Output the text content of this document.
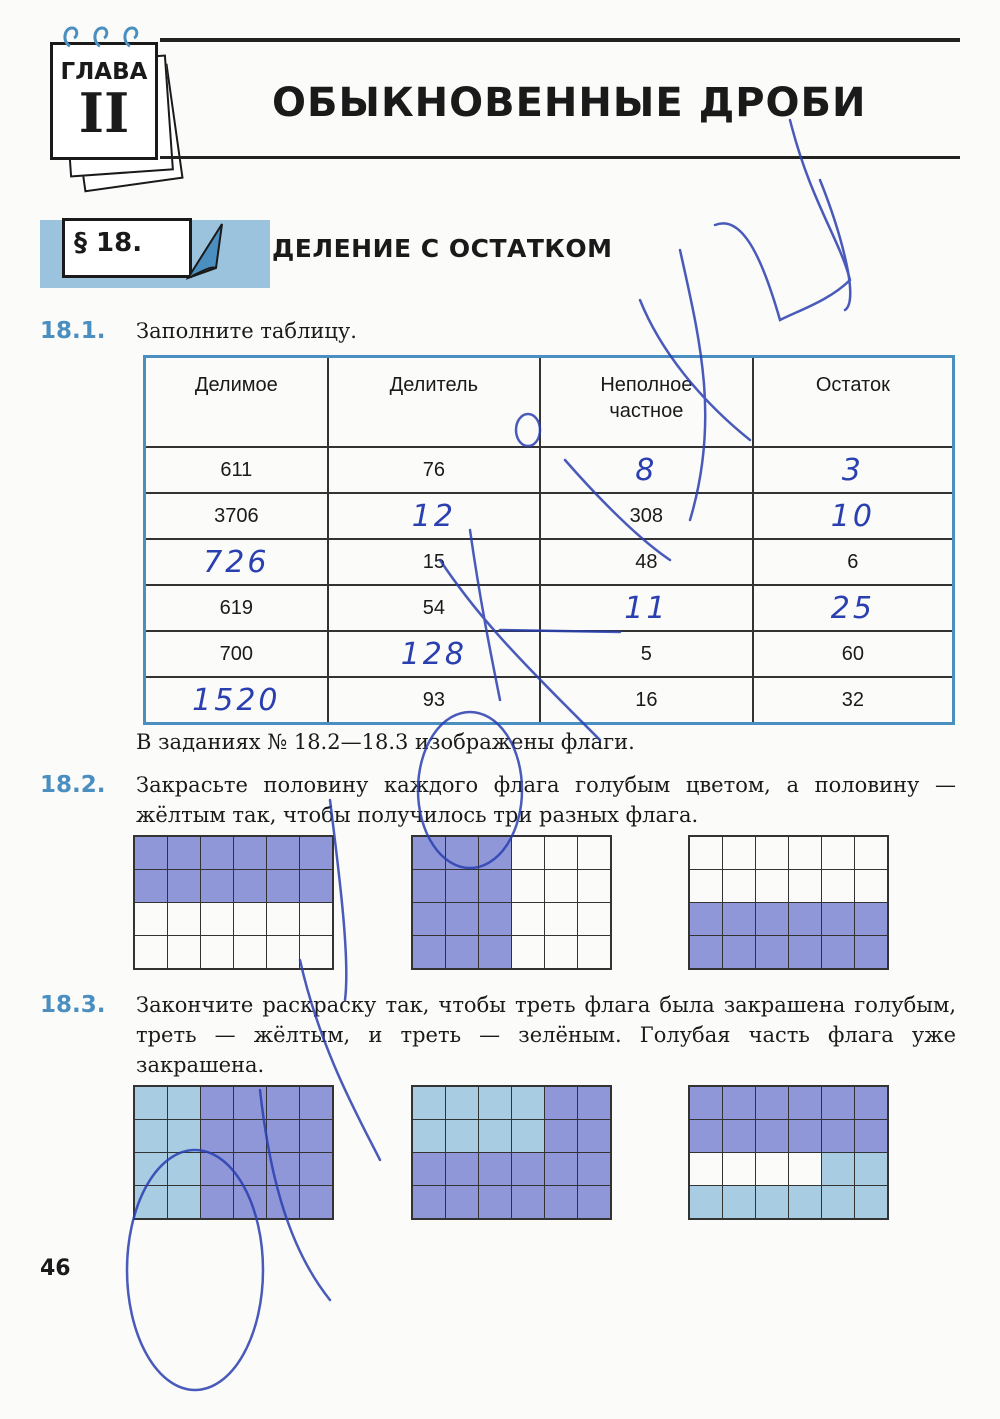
ГЛАВА
II	ОБЫКНОВЕННЫЕ ДРОБИ
§ 18.	ДЕЛЕНИЕ С ОСТАТКОМ
18.1. Заполните таблицу.
Делимое	Делитель	Неполное частное	Остаток
611	76	8	3
3706	12	308	10
726	15	48	6
619	54	11	25
700	128	5	60
1520	93	16	32
В заданиях № 18.2—18.3 изображены флаги.
18.2. Закрасьте половину каждого флага голубым цветом, а половину — жёлтым так, чтобы получилось три разных флага.

18.3. Закончите раскраску так, чтобы треть флага была закрашена голубым, треть — жёлтым, и треть — зелёным. Голубая часть флага уже закрашена.

46
